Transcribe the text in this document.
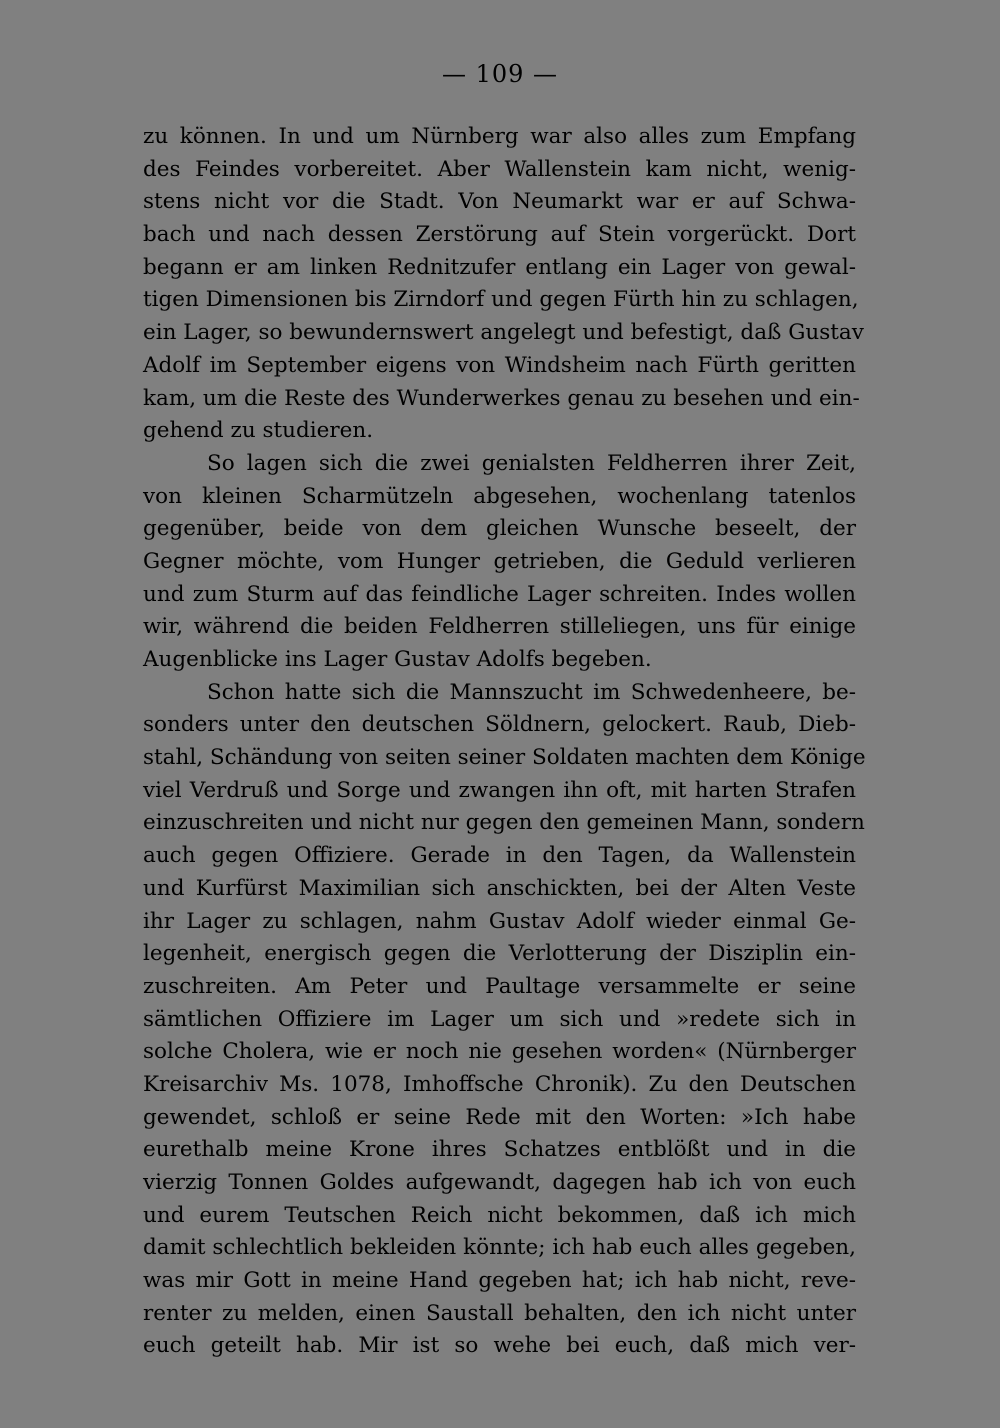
— 109 —
zu können. In und um Nürnberg war also alles zum Empfang
des Feindes vorbereitet. Aber Wallenstein kam nicht, wenig-
stens nicht vor die Stadt. Von Neumarkt war er auf Schwa-
bach und nach dessen Zerstörung auf Stein vorgerückt. Dort
begann er am linken Rednitzufer entlang ein Lager von gewal-
tigen Dimensionen bis Zirndorf und gegen Fürth hin zu schlagen,
ein Lager, so bewundernswert angelegt und befestigt, daß Gustav
Adolf im September eigens von Windsheim nach Fürth geritten
kam, um die Reste des Wunderwerkes genau zu besehen und ein-
gehend zu studieren.
So lagen sich die zwei genialsten Feldherren ihrer Zeit,
von kleinen Scharmützeln abgesehen, wochenlang tatenlos
gegenüber, beide von dem gleichen Wunsche beseelt, der
Gegner möchte, vom Hunger getrieben, die Geduld verlieren
und zum Sturm auf das feindliche Lager schreiten. Indes wollen
wir, während die beiden Feldherren stilleliegen, uns für einige
Augenblicke ins Lager Gustav Adolfs begeben.
Schon hatte sich die Mannszucht im Schwedenheere, be-
sonders unter den deutschen Söldnern, gelockert. Raub, Dieb-
stahl, Schändung von seiten seiner Soldaten machten dem Könige
viel Verdruß und Sorge und zwangen ihn oft, mit harten Strafen
einzuschreiten und nicht nur gegen den gemeinen Mann, sondern
auch gegen Offiziere. Gerade in den Tagen, da Wallenstein
und Kurfürst Maximilian sich anschickten, bei der Alten Veste
ihr Lager zu schlagen, nahm Gustav Adolf wieder einmal Ge-
legenheit, energisch gegen die Verlotterung der Disziplin ein-
zuschreiten. Am Peter und Paultage versammelte er seine
sämtlichen Offiziere im Lager um sich und »redete sich in
solche Cholera, wie er noch nie gesehen worden« (Nürnberger
Kreisarchiv Ms. 1078, Imhoffsche Chronik). Zu den Deutschen
gewendet, schloß er seine Rede mit den Worten: »Ich habe
eurethalb meine Krone ihres Schatzes entblößt und in die
vierzig Tonnen Goldes aufgewandt, dagegen hab ich von euch
und eurem Teutschen Reich nicht bekommen, daß ich mich
damit schlechtlich bekleiden könnte; ich hab euch alles gegeben,
was mir Gott in meine Hand gegeben hat; ich hab nicht, reve-
renter zu melden, einen Saustall behalten, den ich nicht unter
euch geteilt hab. Mir ist so wehe bei euch, daß mich ver-
